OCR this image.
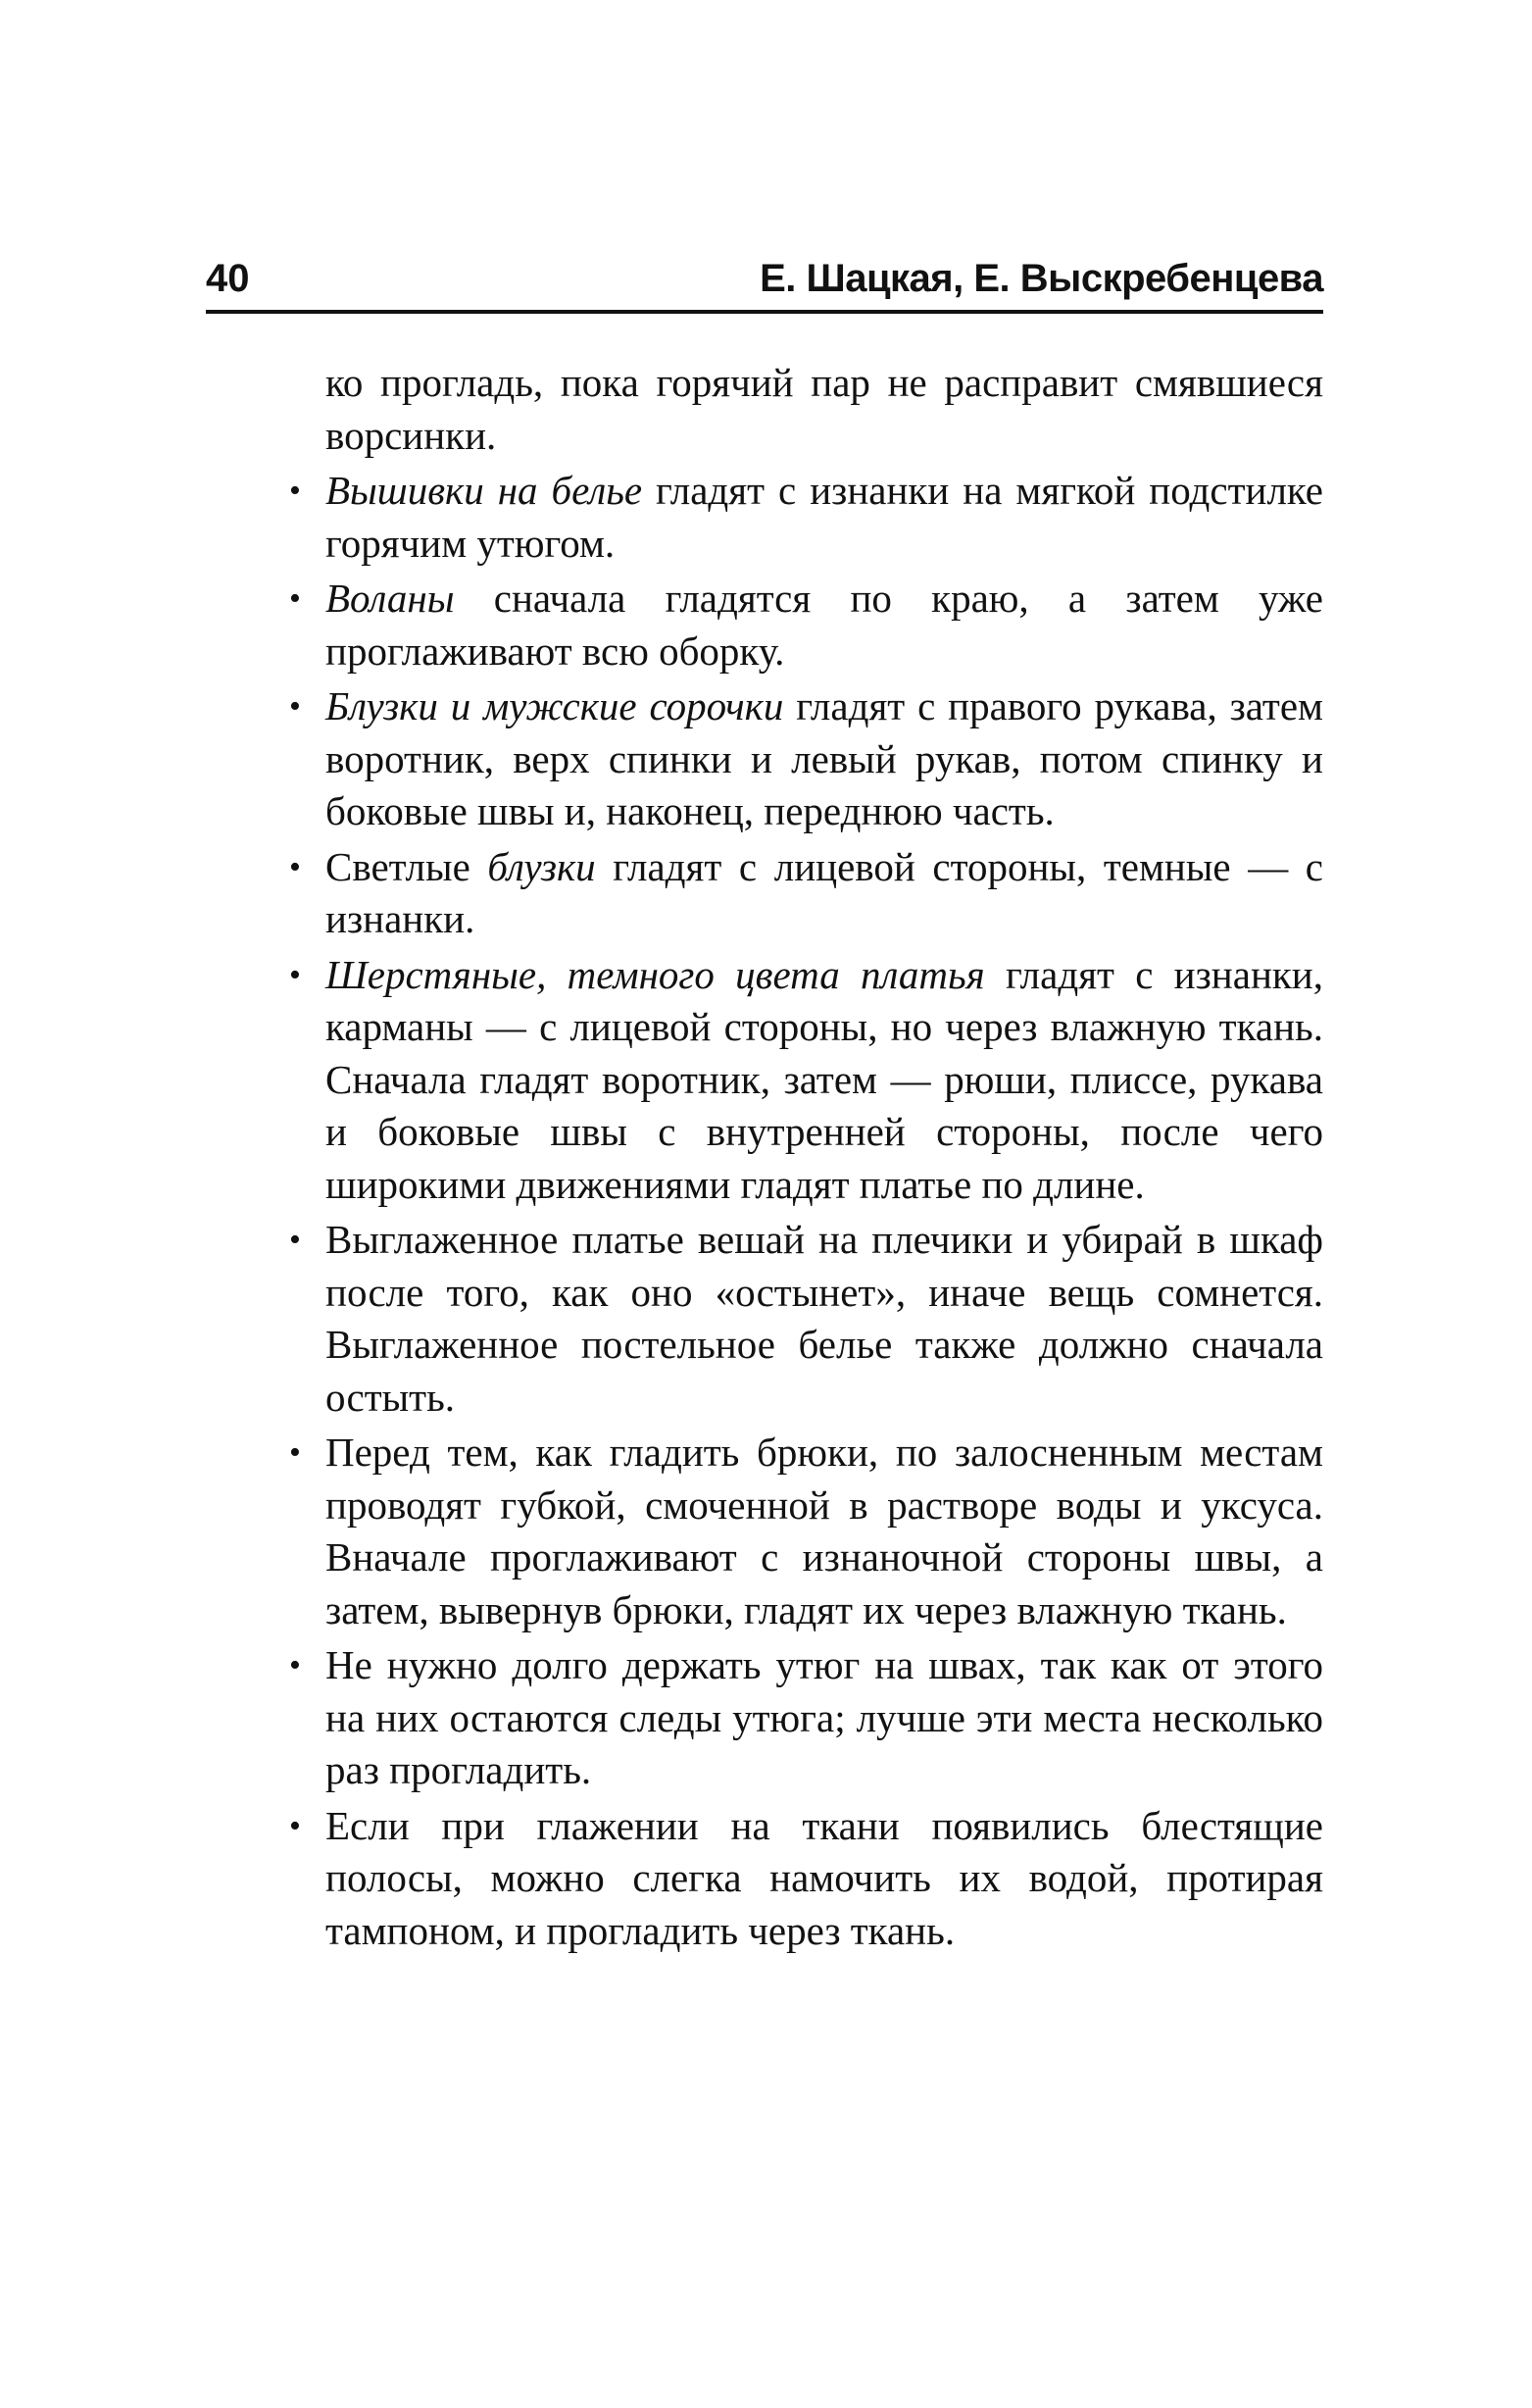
40	Е. Шацкая, Е. Выскребенцева

ко прогладь, пока горячий пар не расправит смявшиеся ворсинки.

• Вышивки на белье гладят с изнанки на мягкой подстилке горячим утюгом.
• Воланы сначала гладятся по краю, а затем уже проглаживают всю оборку.
• Блузки и мужские сорочки гладят с правого рукава, затем воротник, верх спинки и левый рукав, потом спинку и боковые швы и, наконец, переднюю часть.
• Светлые блузки гладят с лицевой стороны, темные — с изнанки.
• Шерстяные, темного цвета платья гладят с изнанки, карманы — с лицевой стороны, но через влажную ткань. Сначала гладят воротник, затем — рюши, плиссе, рукава и боковые швы с внутренней стороны, после чего широкими движениями гладят платье по длине.
• Выглаженное платье вешай на плечики и убирай в шкаф после того, как оно «остынет», иначе вещь сомнется. Выглаженное постельное белье также должно сначала остыть.
• Перед тем, как гладить брюки, по залосненным местам проводят губкой, смоченной в растворе воды и уксуса. Вначале проглаживают с изнаночной стороны швы, а затем, вывернув брюки, гладят их через влажную ткань.
• Не нужно долго держать утюг на швах, так как от этого на них остаются следы утюга; лучше эти места несколько раз прогладить.
• Если при глажении на ткани появились блестящие полосы, можно слегка намочить их водой, протирая тампоном, и прогладить через ткань.
